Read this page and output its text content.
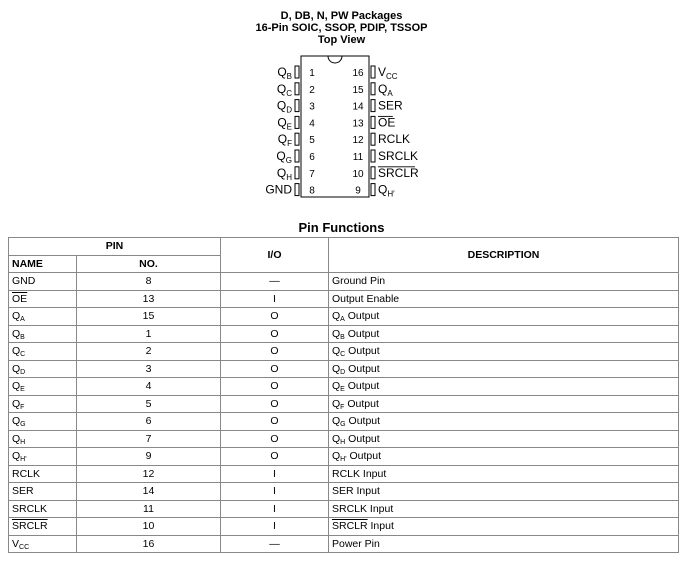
D, DB, N, PW Packages
16-Pin SOIC, SSOP, PDIP, TSSOP
Top View
1
$Q_B$
2
$Q_C$
3
$Q_D$
4
$Q_E$
5
$Q_F$
6
$Q_G$
7
$Q_H$
8
GND
16 $V_{CC}$
15 $Q_A$
14 SER
13 OE
12 RCLK
11 SRCLK
10 SRCLR
9 $Q_{H'}$
Pin Functions
PIN		I/O	DESCRIPTION
NAME	NO.		
GND	8	—	Ground Pin
$\overline{OE}$	13	I	Output Enable
$Q_A$	15	O	$Q_A$ Output
$Q_B$	1	O	$Q_B$ Output
$Q_C$	2	O	$Q_C$ Output
$Q_D$	3	O	$Q_D$ Output
$Q_E$	4	O	$Q_E$ Output
$Q_F$	5	O	$Q_F$ Output
$Q_G$	6	O	$Q_G$ Output
$Q_H$	7	O	$Q_H$ Output
$Q_{H'}$	9	O	$Q_{H'}$ Output
RCLK	12	I	RCLK Input
SER	14	I	SER Input
SRCLK	11	I	SRCLK Input
SRCLR	10	I	SRCLR Input
$V_{CC}$	16	—	Power Pin
